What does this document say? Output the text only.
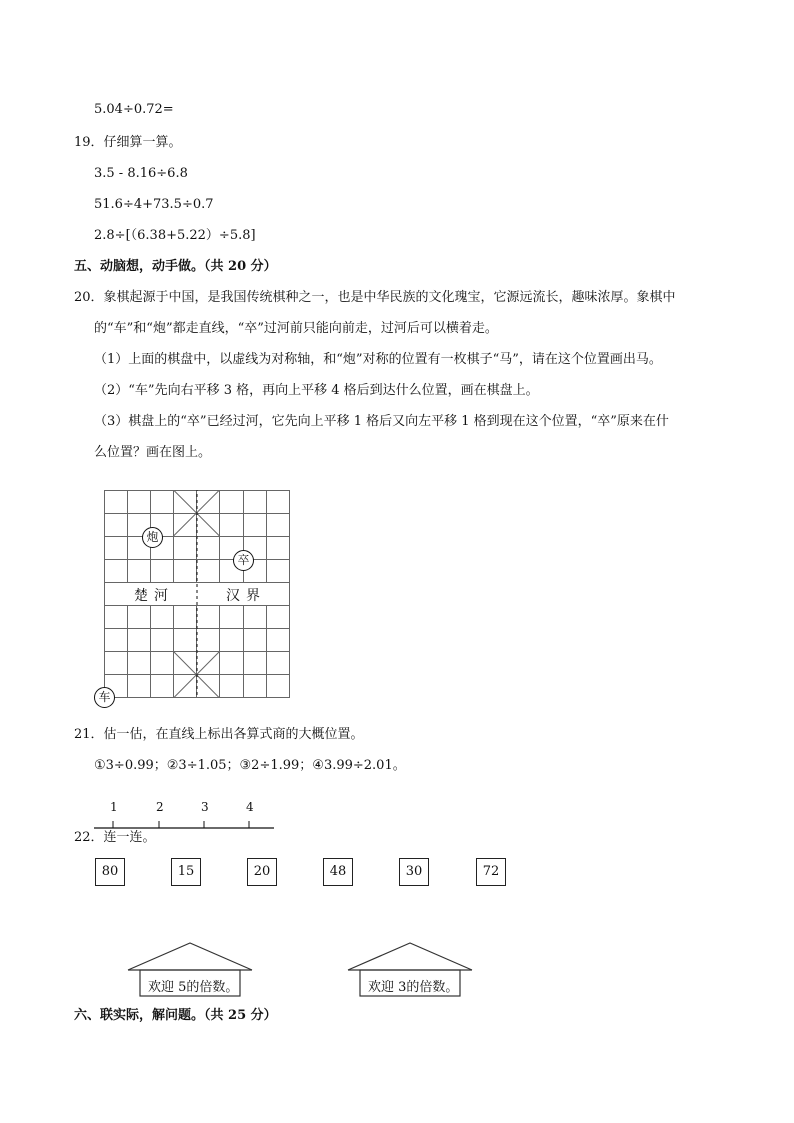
5.04÷0.72=
19．仔细算一算。
3.5 - 8.16÷6.8
51.6÷4+73.5÷0.7
2.8÷[（6.38+5.22）÷5.8]
五、动脑想，动手做。（共 20 分）
20．象棋起源于中国，是我国传统棋种之一，也是中华民族的文化瑰宝，它源远流长，趣味浓厚。象棋中
的“车”和“炮”都走直线，“卒”过河前只能向前走，过河后可以横着走。
（1）上面的棋盘中，以虚线为对称轴，和“炮”对称的位置有一枚棋子“马”，请在这个位置画出马。
（2）“车”先向右平移 3 格，再向上平移 4 格后到达什么位置，画在棋盘上。
（3）棋盘上的“卒”已经过河，它先向上平移 1 格后又向左平移 1 格到现在这个位置，“卒”原来在什
么位置？画在图上。
楚河	汉界
炮
卒
车
21．估一估，在直线上标出各算式商的大概位置。
①3÷0.99；②3÷1.05；③2÷1.99；④3.99÷2.01。
1	2	3	4
22．连一连。
80	15	20	48	30	72
欢迎 5的倍数。	欢迎 3的倍数。
六、联实际，解问题。（共 25 分）
